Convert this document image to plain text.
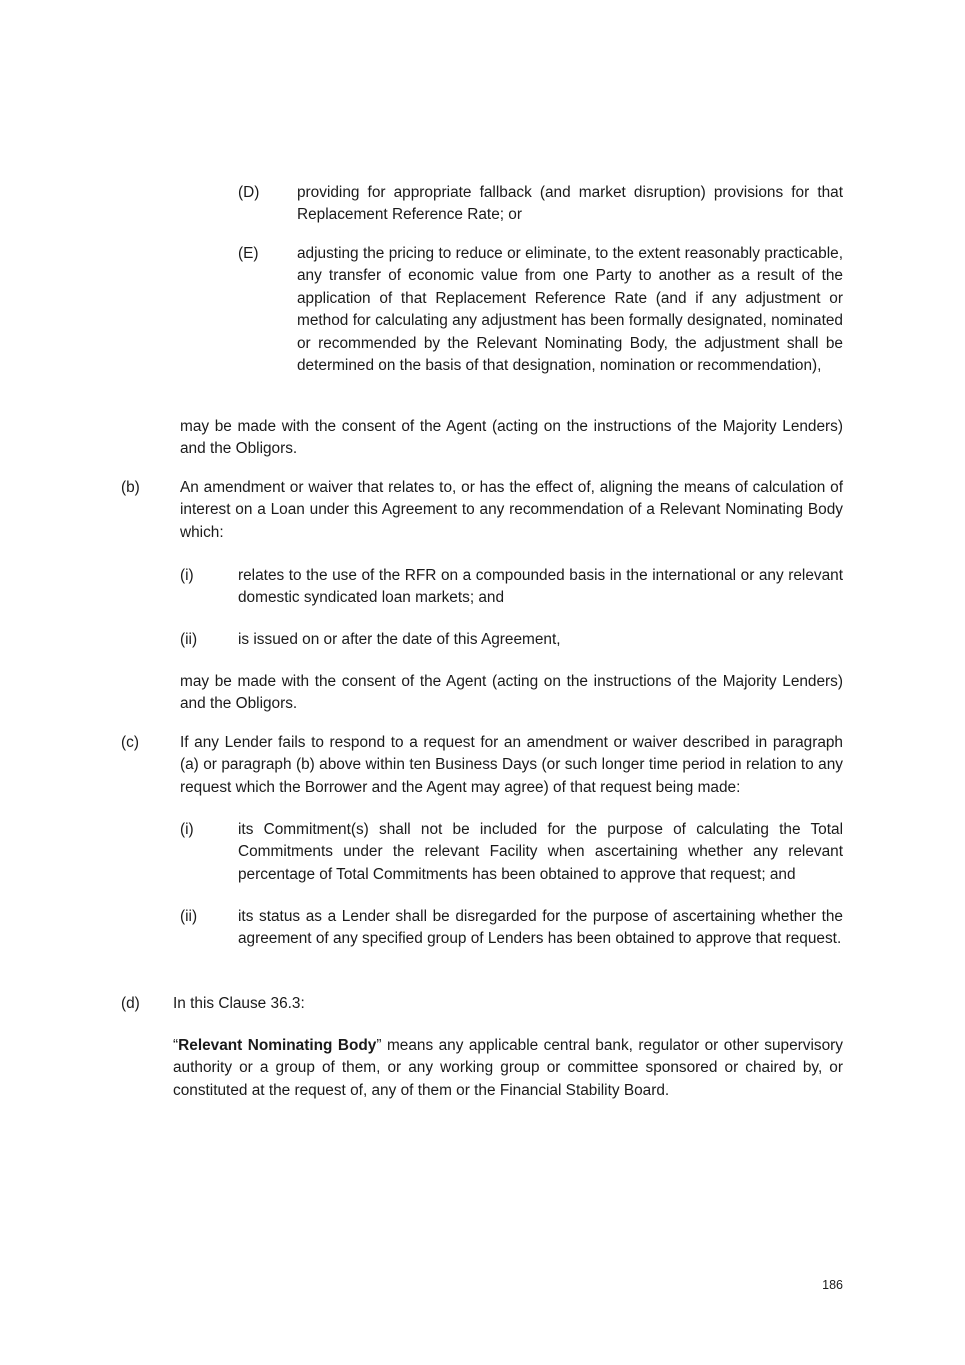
(D) providing for appropriate fallback (and market disruption) provisions for that Replacement Reference Rate; or
(E) adjusting the pricing to reduce or eliminate, to the extent reasonably practicable, any transfer of economic value from one Party to another as a result of the application of that Replacement Reference Rate (and if any adjustment or method for calculating any adjustment has been formally designated, nominated or recommended by the Relevant Nominating Body, the adjustment shall be determined on the basis of that designation, nomination or recommendation),
may be made with the consent of the Agent (acting on the instructions of the Majority Lenders) and the Obligors.
(b)	An amendment or waiver that relates to, or has the effect of, aligning the means of calculation of interest on a Loan under this Agreement to any recommendation of a Relevant Nominating Body which:
(i)	relates to the use of the RFR on a compounded basis in the international or any relevant domestic syndicated loan markets; and
(ii)	is issued on or after the date of this Agreement,
may be made with the consent of the Agent (acting on the instructions of the Majority Lenders) and the Obligors.
(c)	If any Lender fails to respond to a request for an amendment or waiver described in paragraph (a) or paragraph (b) above within ten Business Days (or such longer time period in relation to any request which the Borrower and the Agent may agree) of that request being made:
(i)	its Commitment(s) shall not be included for the purpose of calculating the Total Commitments under the relevant Facility when ascertaining whether any relevant percentage of Total Commitments has been obtained to approve that request; and
(ii)	its status as a Lender shall be disregarded for the purpose of ascertaining whether the agreement of any specified group of Lenders has been obtained to approve that request.
(d) In this Clause 36.3:
“Relevant Nominating Body” means any applicable central bank, regulator or other supervisory authority or a group of them, or any working group or committee sponsored or chaired by, or constituted at the request of, any of them or the Financial Stability Board.
186
